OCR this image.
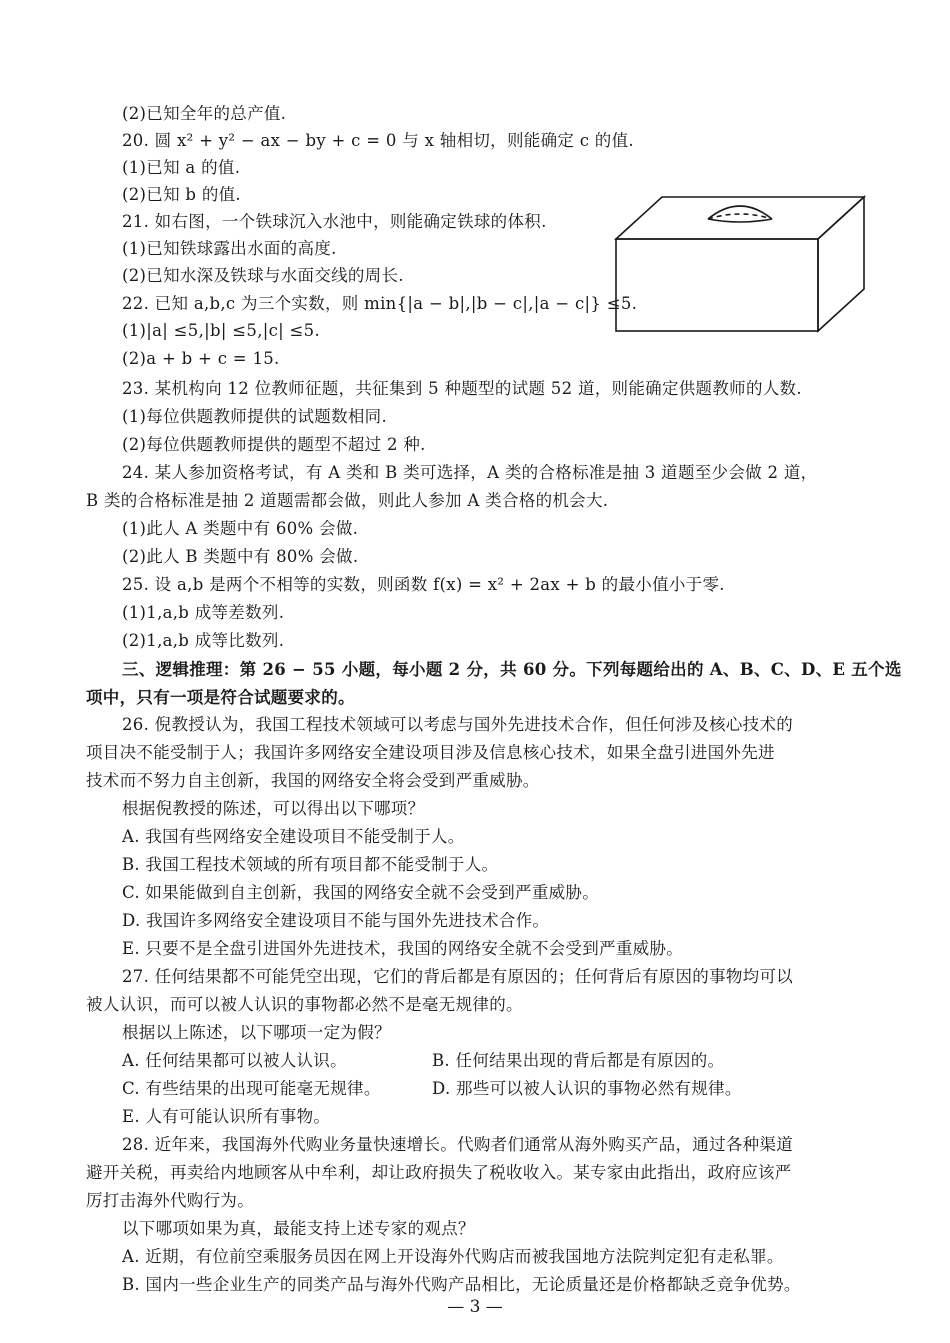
(2)已知全年的总产值.
20. 圆 x² + y² − ax − by + c = 0 与 x 轴相切，则能确定 c 的值.
(1)已知 a 的值.
(2)已知 b 的值.
21. 如右图，一个铁球沉入水池中，则能确定铁球的体积.
(1)已知铁球露出水面的高度.
(2)已知水深及铁球与水面交线的周长.
22. 已知 a,b,c 为三个实数，则 min{|a − b|,|b − c|,|a − c|} ≤5.
(1)|a| ≤5,|b| ≤5,|c| ≤5.
(2)a + b + c = 15.
23. 某机构向 12 位教师征题，共征集到 5 种题型的试题 52 道，则能确定供题教师的人数.
(1)每位供题教师提供的试题数相同.
(2)每位供题教师提供的题型不超过 2 种.
24. 某人参加资格考试，有 A 类和 B 类可选择，A 类的合格标准是抽 3 道题至少会做 2 道，
B 类的合格标准是抽 2 道题需都会做，则此人参加 A 类合格的机会大.
(1)此人 A 类题中有 60% 会做.
(2)此人 B 类题中有 80% 会做.
25. 设 a,b 是两个不相等的实数，则函数 f(x) = x² + 2ax + b 的最小值小于零.
(1)1,a,b 成等差数列.
(2)1,a,b 成等比数列.
三、逻辑推理：第 26 − 55 小题，每小题 2 分，共 60 分。下列每题给出的 A、B、C、D、E 五个选
项中，只有一项是符合试题要求的。
26. 倪教授认为，我国工程技术领域可以考虑与国外先进技术合作，但任何涉及核心技术的
项目决不能受制于人；我国许多网络安全建设项目涉及信息核心技术，如果全盘引进国外先进
技术而不努力自主创新，我国的网络安全将会受到严重威胁。
根据倪教授的陈述，可以得出以下哪项？
A. 我国有些网络安全建设项目不能受制于人。
B. 我国工程技术领域的所有项目都不能受制于人。
C. 如果能做到自主创新，我国的网络安全就不会受到严重威胁。
D. 我国许多网络安全建设项目不能与国外先进技术合作。
E. 只要不是全盘引进国外先进技术，我国的网络安全就不会受到严重威胁。
27. 任何结果都不可能凭空出现，它们的背后都是有原因的；任何背后有原因的事物均可以
被人认识，而可以被人认识的事物都必然不是毫无规律的。
根据以上陈述，以下哪项一定为假？
A. 任何结果都可以被人认识。	B. 任何结果出现的背后都是有原因的。
C. 有些结果的出现可能毫无规律。	D. 那些可以被人认识的事物必然有规律。
E. 人有可能认识所有事物。
28. 近年来，我国海外代购业务量快速增长。代购者们通常从海外购买产品，通过各种渠道
避开关税，再卖给内地顾客从中牟利，却让政府损失了税收收入。某专家由此指出，政府应该严
厉打击海外代购行为。
以下哪项如果为真，最能支持上述专家的观点？
A. 近期，有位前空乘服务员因在网上开设海外代购店而被我国地方法院判定犯有走私罪。
B. 国内一些企业生产的同类产品与海外代购产品相比，无论质量还是价格都缺乏竞争优势。
— 3 —
